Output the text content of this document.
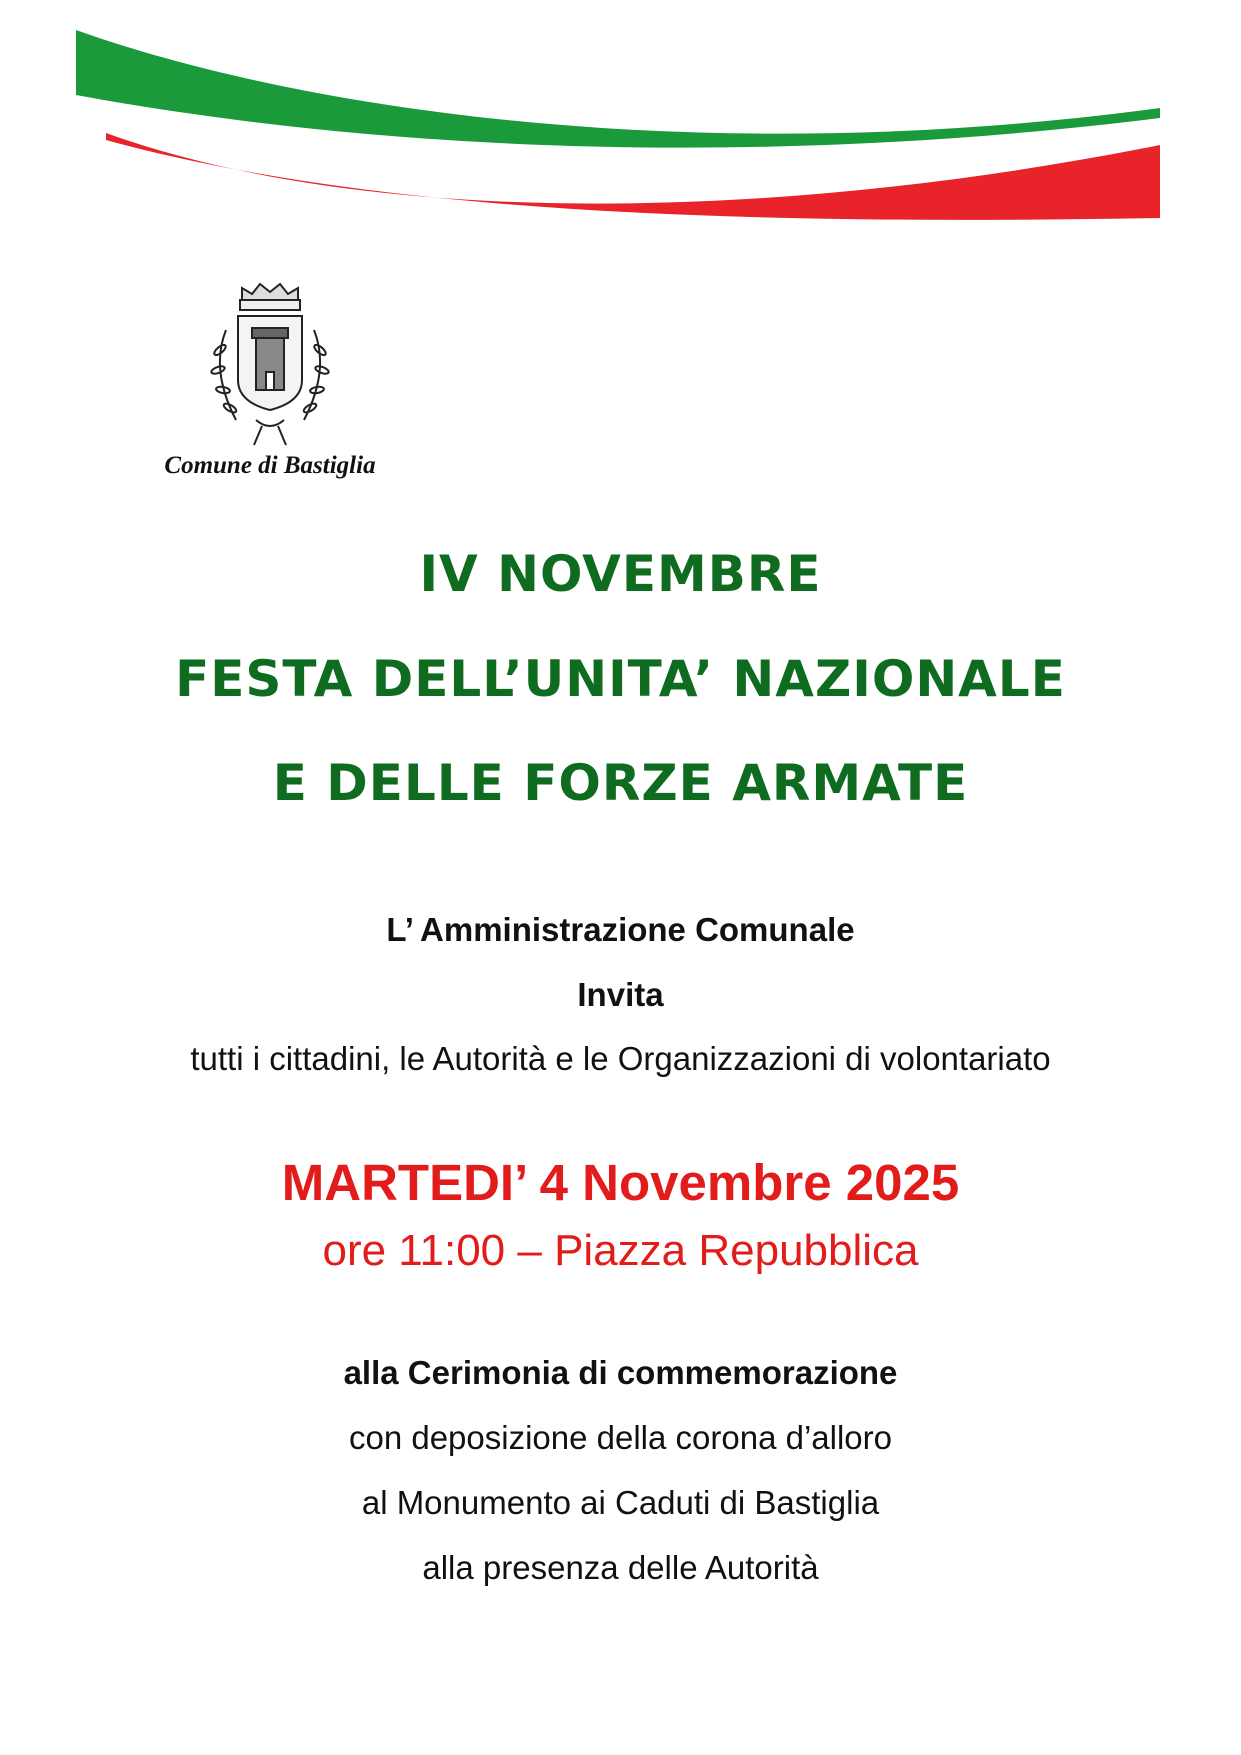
Comune di Bastiglia
IV NOVEMBRE
FESTA DELL’UNITA’ NAZIONALE
E DELLE FORZE ARMATE
L’ Amministrazione Comunale
Invita
tutti i cittadini, le Autorità e le Organizzazioni di volontariato
MARTEDI’ 4 Novembre 2025
ore 11:00 – Piazza Repubblica
alla Cerimonia di commemorazione
con deposizione della corona d’alloro
al Monumento ai Caduti di Bastiglia
alla presenza delle Autorità
